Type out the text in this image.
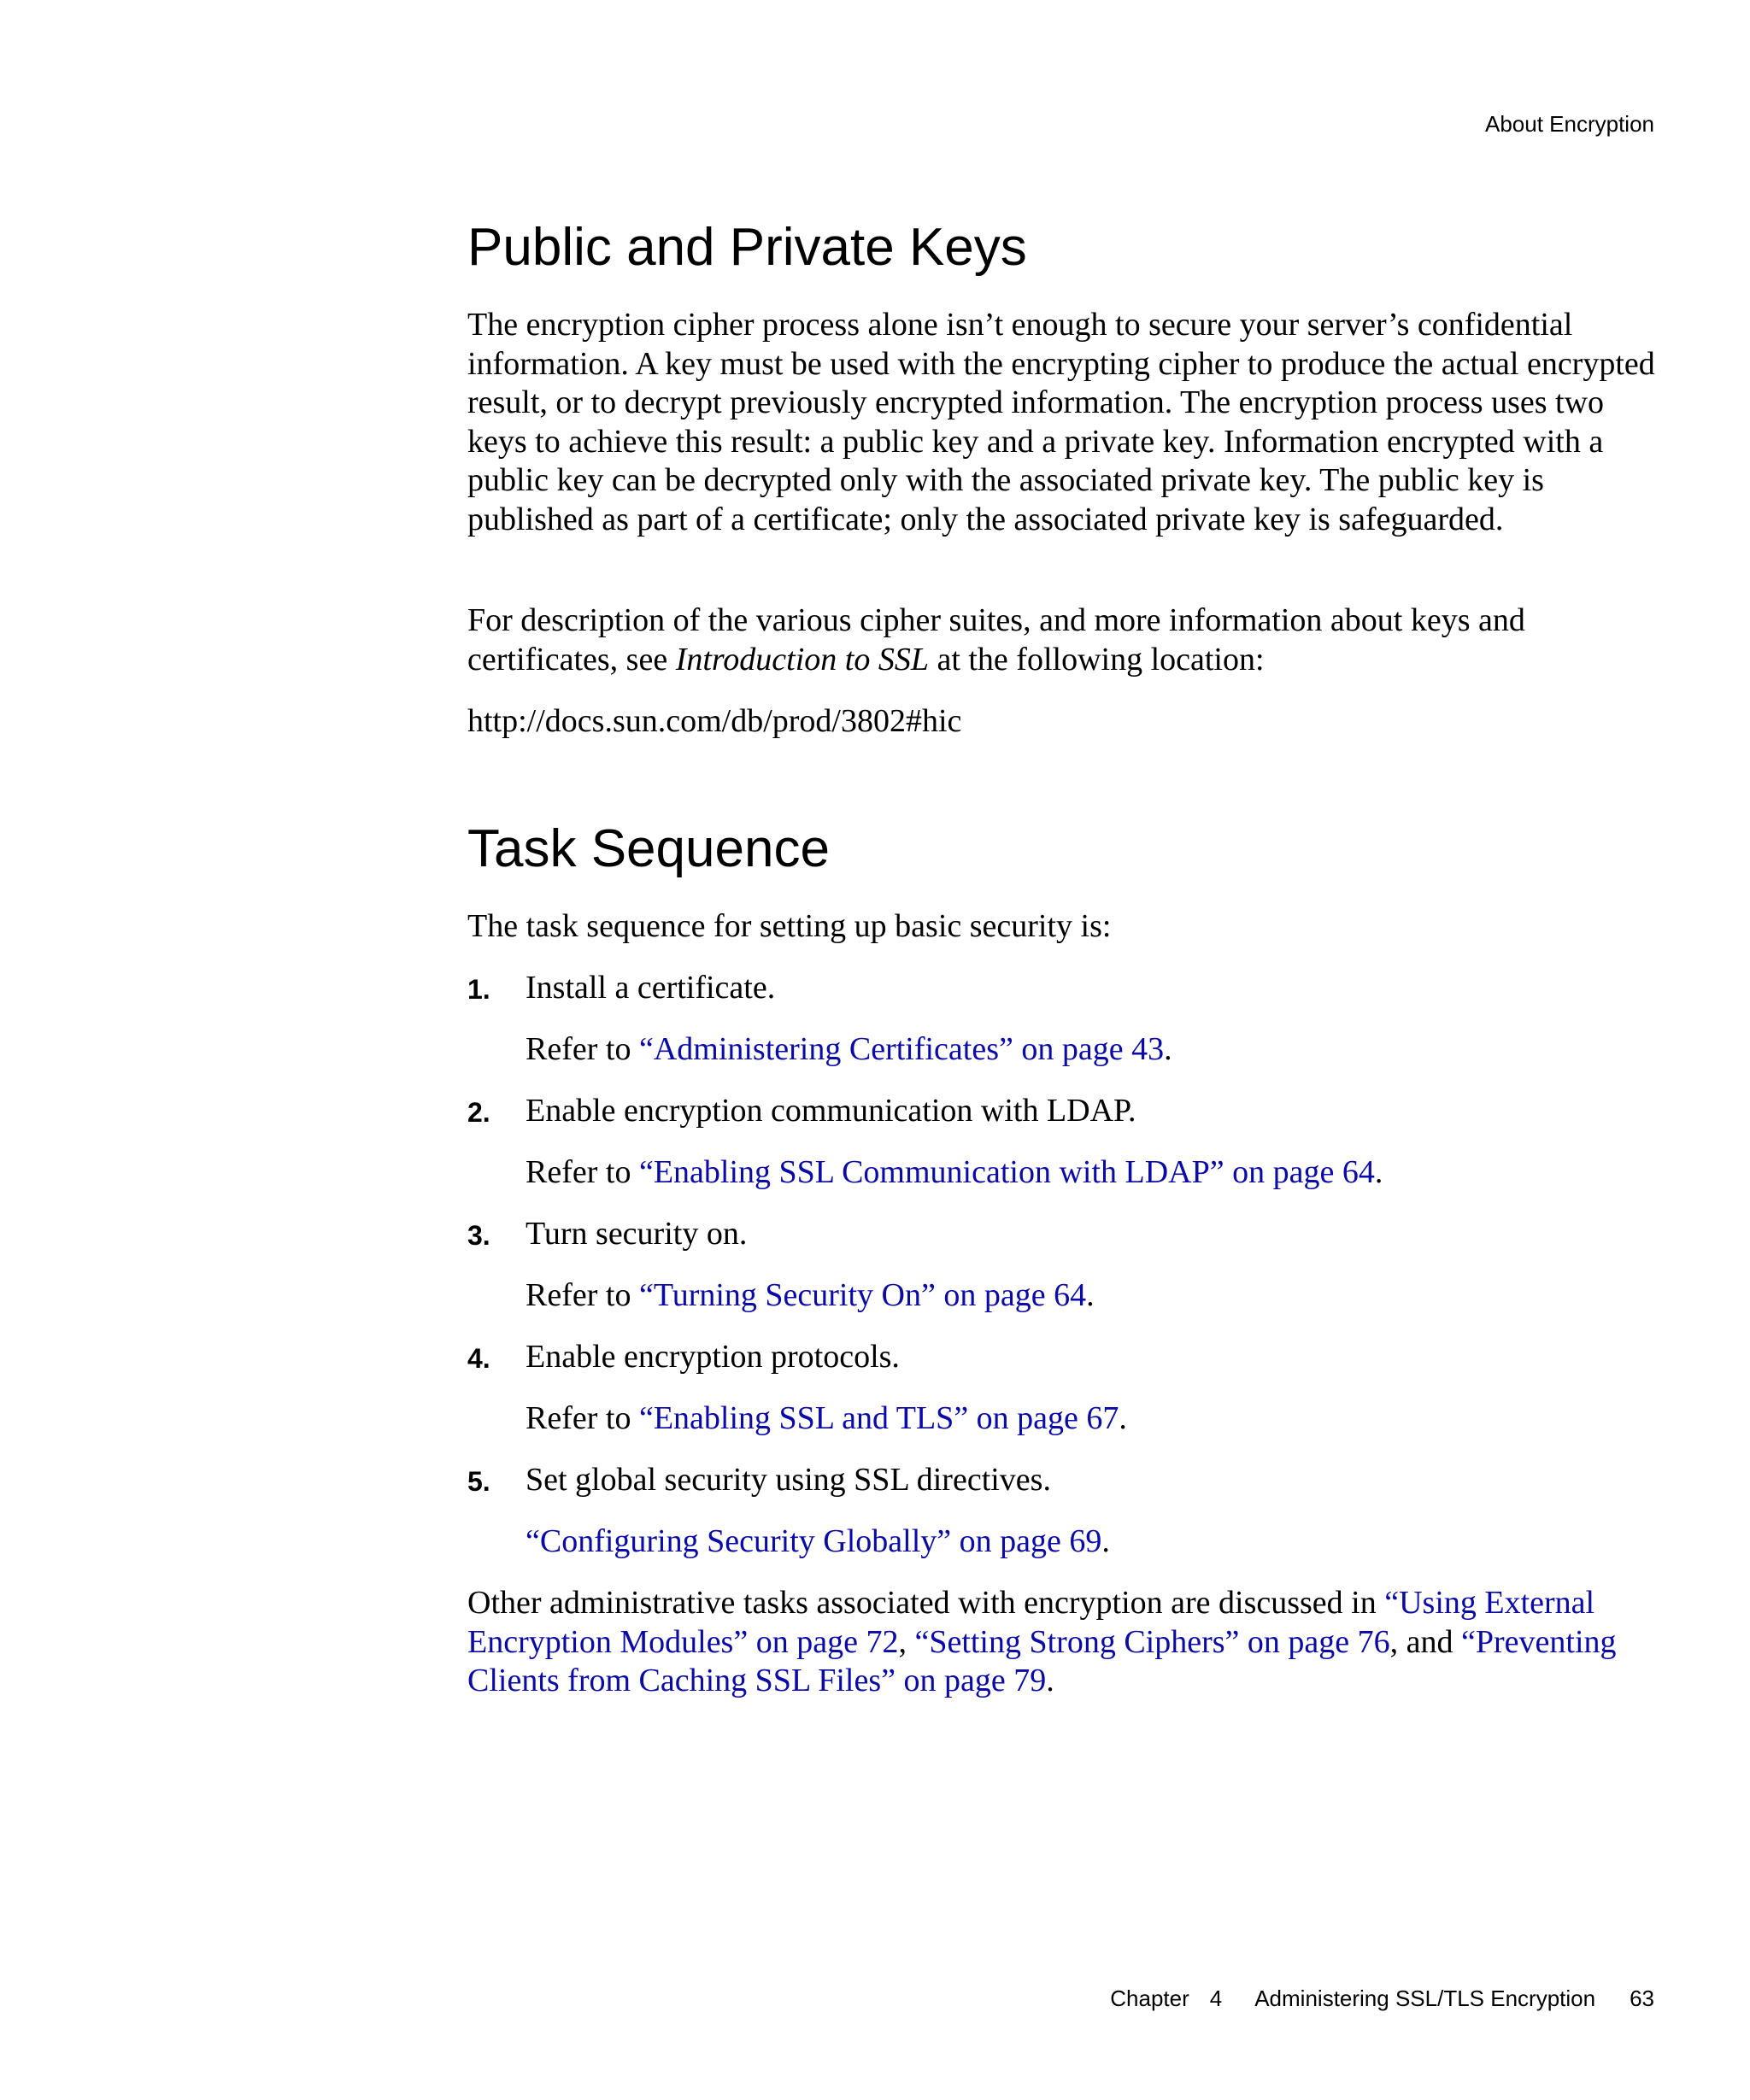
About Encryption
Public and Private Keys

The encryption cipher process alone isn’t enough to secure your server’s confidential information. A key must be used with the encrypting cipher to produce the actual encrypted result, or to decrypt previously encrypted information. The encryption process uses two keys to achieve this result: a public key and a private key. Information encrypted with a public key can be decrypted only with the associated private key. The public key is published as part of a certificate; only the associated private key is safeguarded.

For description of the various cipher suites, and more information about keys and certificates, see Introduction to SSL at the following location:

http://docs.sun.com/db/prod/3802#hic

Task Sequence

The task sequence for setting up basic security is:

1. Install a certificate.
Refer to “Administering Certificates” on page 43.
2. Enable encryption communication with LDAP.
Refer to “Enabling SSL Communication with LDAP” on page 64.
3. Turn security on.
Refer to “Turning Security On” on page 64.
4. Enable encryption protocols.
Refer to “Enabling SSL and TLS” on page 67.
5. Set global security using SSL directives.
“Configuring Security Globally” on page 69.

Other administrative tasks associated with encryption are discussed in “Using External Encryption Modules” on page 72, “Setting Strong Ciphers” on page 76, and “Preventing Clients from Caching SSL Files” on page 79.

Chapter 4 Administering SSL/TLS Encryption 63
